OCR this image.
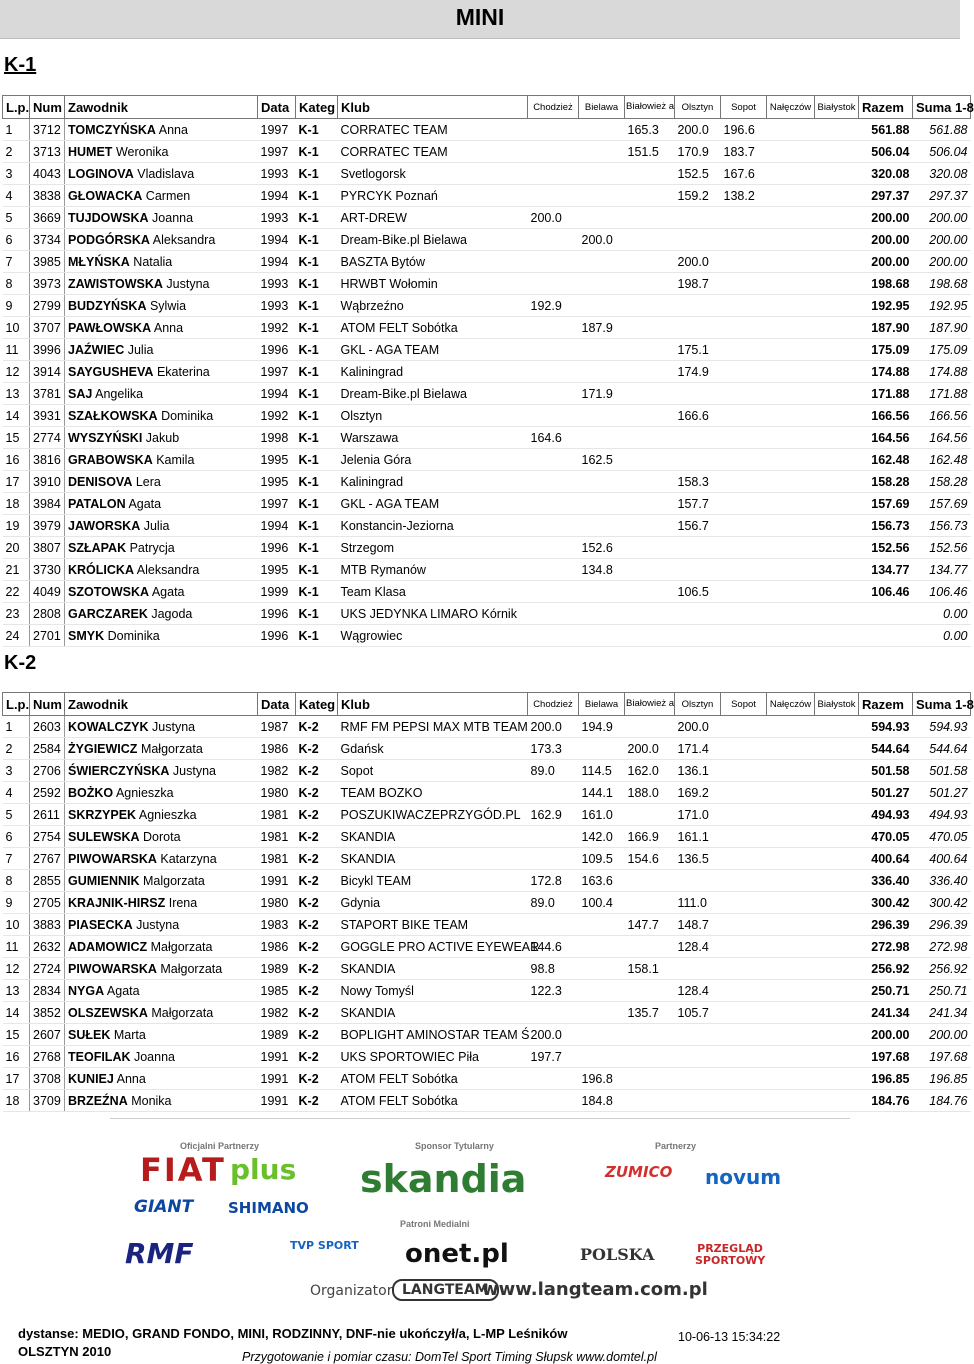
MINI
K-1
L.p.	Num	Zawodnik	Data	Kateg	Klub	Chodzież	Bielawa	Białowież a	Olsztyn	Sopot	Nałęczów	Białystok	Razem	Suma 1-8
1	3712	TOMCZYŃSKA Anna	1997	K-1	CORRATEC TEAM			165.3	200.0	196.6			561.88	561.88
2	3713	HUMET Weronika	1997	K-1	CORRATEC TEAM			151.5	170.9	183.7			506.04	506.04
3	4043	LOGINOVA Vladislava	1993	K-1	Svetlogorsk				152.5	167.6			320.08	320.08
4	3838	GŁOWACKA Carmen	1994	K-1	PYRCYK Poznań				159.2	138.2			297.37	297.37
5	3669	TUJDOWSKA Joanna	1993	K-1	ART-DREW	200.0							200.00	200.00
6	3734	PODGÓRSKA Aleksandra	1994	K-1	Dream-Bike.pl Bielawa		200.0						200.00	200.00
7	3985	MŁYŃSKA Natalia	1994	K-1	BASZTA Bytów				200.0				200.00	200.00
8	3973	ZAWISTOWSKA Justyna	1993	K-1	HRWBT Wołomin				198.7				198.68	198.68
9	2799	BUDZYŃSKA Sylwia	1993	K-1	Wąbrzeźno	192.9							192.95	192.95
10	3707	PAWŁOWSKA Anna	1992	K-1	ATOM FELT Sobótka		187.9						187.90	187.90
11	3996	JAŹWIEC Julia	1996	K-1	GKL - AGA TEAM				175.1				175.09	175.09
12	3914	SAYGUSHEVA Ekaterina	1997	K-1	Kaliningrad				174.9				174.88	174.88
13	3781	SAJ Angelika	1994	K-1	Dream-Bike.pl Bielawa		171.9						171.88	171.88
14	3931	SZAŁKOWSKA Dominika	1992	K-1	Olsztyn				166.6				166.56	166.56
15	2774	WYSZYŃSKI Jakub	1998	K-1	Warszawa	164.6							164.56	164.56
16	3816	GRABOWSKA Kamila	1995	K-1	Jelenia Góra		162.5						162.48	162.48
17	3910	DENISOVA Lera	1995	K-1	Kaliningrad				158.3				158.28	158.28
18	3984	PATALON Agata	1997	K-1	GKL - AGA TEAM				157.7				157.69	157.69
19	3979	JAWORSKA Julia	1994	K-1	Konstancin-Jeziorna				156.7				156.73	156.73
20	3807	SZŁAPAK Patrycja	1996	K-1	Strzegom		152.6						152.56	152.56
21	3730	KRÓLICKA Aleksandra	1995	K-1	MTB Rymanów		134.8						134.77	134.77
22	4049	SZOTOWSKA Agata	1999	K-1	Team Klasa				106.5				106.46	106.46
23	2808	GARCZAREK Jagoda	1996	K-1	UKS JEDYNKA LIMARO Kórnik									0.00
24	2701	SMYK Dominika	1996	K-1	Wągrowiec									0.00
K-2
L.p.	Num	Zawodnik	Data	Kateg	Klub	Chodzież	Bielawa	Białowież a	Olsztyn	Sopot	Nałęczów	Białystok	Razem	Suma 1-8
1	2603	KOWALCZYK Justyna	1987	K-2	RMF FM PEPSI MAX MTB TEAM	200.0	194.9		200.0				594.93	594.93
2	2584	ŻYGIEWICZ Małgorzata	1986	K-2	Gdańsk	173.3		200.0	171.4				544.64	544.64
3	2706	ŚWIERCZYŃSKA Justyna	1982	K-2	Sopot	89.0	114.5	162.0	136.1				501.58	501.58
4	2592	BOŻKO Agnieszka	1980	K-2	TEAM BOZKO		144.1	188.0	169.2				501.27	501.27
5	2611	SKRZYPEK Agnieszka	1981	K-2	POSZUKIWACZEPRZYGÓD.PL	162.9	161.0		171.0				494.93	494.93
6	2754	SULEWSKA Dorota	1981	K-2	SKANDIA		142.0	166.9	161.1				470.05	470.05
7	2767	PIWOWARSKA Katarzyna	1981	K-2	SKANDIA		109.5	154.6	136.5				400.64	400.64
8	2855	GUMIENNIK Malgorzata	1991	K-2	Bicykl TEAM	172.8	163.6						336.40	336.40
9	2705	KRAJNIK-HIRSZ Irena	1980	K-2	Gdynia	89.0	100.4		111.0				300.42	300.42
10	3883	PIASECKA Justyna	1983	K-2	STAPORT BIKE TEAM			147.7	148.7				296.39	296.39
11	2632	ADAMOWICZ Małgorzata	1986	K-2	GOGGLE PRO ACTIVE EYEWEAR	144.6			128.4				272.98	272.98
12	2724	PIWOWARSKA Małgorzata	1989	K-2	SKANDIA	98.8		158.1					256.92	256.92
13	2834	NYGA Agata	1985	K-2	Nowy Tomyśl	122.3			128.4				250.71	250.71
14	3852	OLSZEWSKA Małgorzata	1982	K-2	SKANDIA			135.7	105.7				241.34	241.34
15	2607	SUŁEK Marta	1989	K-2	BOPLIGHT AMINOSTAR TEAM Ś	200.0							200.00	200.00
16	2768	TEOFILAK Joanna	1991	K-2	UKS SPORTOWIEC Piła	197.7							197.68	197.68
17	3708	KUNIEJ Anna	1991	K-2	ATOM FELT Sobótka		196.8						196.85	196.85
18	3709	BRZEŹNA Monika	1991	K-2	ATOM FELT Sobótka		184.8						184.76	184.76
Oficjalni Partnerzy	Sponsor Tytularny	Partnerzy
Patroni Medialni
FIAT plus skandia	ZUMICO novum
GIANT SHIMANO
RMF	TVP SPORT onet.pl	POLSKA	PRZEGLĄD SPORTOWY
Organizator LANGTEAM
www.langteam.com.pl
dystanse: MEDIO, GRAND FONDO, MINI, RODZINNY, DNF-nie ukończył/a, L-MP Leśników
OLSZTYN 2010
10-06-13 15:34:22
Przygotowanie i pomiar czasu: DomTel Sport Timing Słupsk www.domtel.pl
